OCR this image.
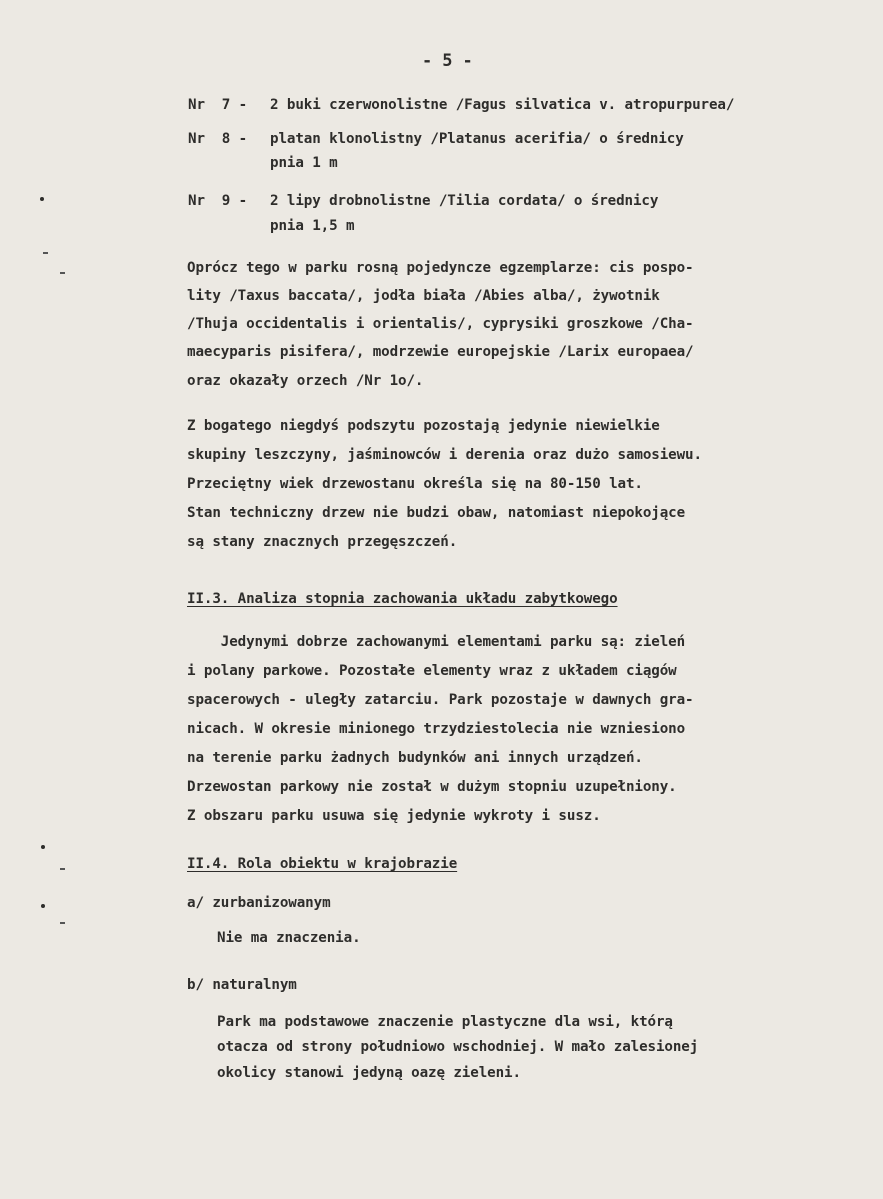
- 5 -
Nr  7 - 2 buki czerwonolistne /Fagus silvatica v. atropurpurea/
Nr  8 - platan klonolistny /Platanus acerifia/ o średnicy
pnia 1 m
Nr  9 - 2 lipy drobnolistne /Tilia cordata/ o średnicy
pnia 1,5 m
Oprócz tego w parku rosną pojedyncze egzemplarze: cis pospo-
lity /Taxus baccata/, jodła biała /Abies alba/, żywotnik
/Thuja occidentalis i orientalis/, cyprysiki groszkowe /Cha-
maecyparis pisifera/, modrzewie europejskie /Larix europaea/
oraz okazały orzech /Nr 1o/.
Z bogatego niegdyś podszytu pozostają jedynie niewielkie
skupiny leszczyny, jaśminowców i derenia oraz dużo samosiewu.
Przeciętny wiek drzewostanu określa się na 80-150 lat.
Stan techniczny drzew nie budzi obaw, natomiast niepokojące
są stany znacznych przegęszczeń.
II.3. Analiza stopnia zachowania układu zabytkowego
Jedynymi dobrze zachowanymi elementami parku są: zieleń
i polany parkowe. Pozostałe elementy wraz z układem ciągów
spacerowych - uległy zatarciu. Park pozostaje w dawnych gra-
nicach. W okresie minionego trzydziestolecia nie wzniesiono
na terenie parku żadnych budynków ani innych urządzeń.
Drzewostan parkowy nie został w dużym stopniu uzupełniony.
Z obszaru parku usuwa się jedynie wykroty i susz.
II.4. Rola obiektu w krajobrazie
a/ zurbanizowanym
Nie ma znaczenia.
b/ naturalnym
Park ma podstawowe znaczenie plastyczne dla wsi, którą
otacza od strony południowo wschodniej. W mało zalesionej
okolicy stanowi jedyną oazę zieleni.
